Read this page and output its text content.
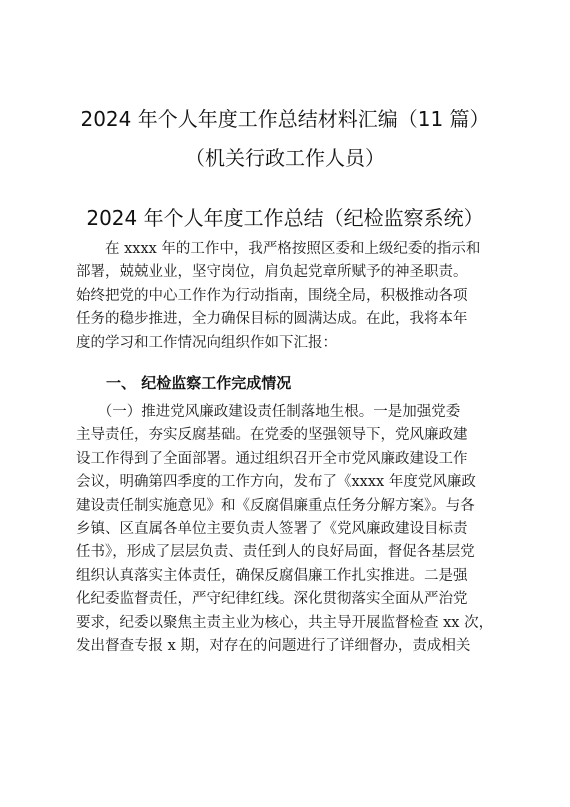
2024 年个人年度工作总结材料汇编（11 篇）
（机关行政工作人员）
2024 年个人年度工作总结（纪检监察系统）
　　在 xxxx 年的工作中，我严格按照区委和上级纪委的指示和
部署，兢兢业业，坚守岗位，肩负起党章所赋予的神圣职责。
始终把党的中心工作作为行动指南，围绕全局，积极推动各项
任务的稳步推进，全力确保目标的圆满达成。在此，我将本年
度的学习和工作情况向组织作如下汇报：
一、 纪检监察工作完成情况
　　（一）推进党风廉政建设责任制落地生根。一是加强党委
主导责任，夯实反腐基础。在党委的坚强领导下，党风廉政建
设工作得到了全面部署。通过组织召开全市党风廉政建设工作
会议，明确第四季度的工作方向，发布了《xxxx 年度党风廉政
建设责任制实施意见》和《反腐倡廉重点任务分解方案》。与各
乡镇、区直属各单位主要负责人签署了《党风廉政建设目标责
任书》，形成了层层负责、责任到人的良好局面，督促各基层党
组织认真落实主体责任，确保反腐倡廉工作扎实推进。二是强
化纪委监督责任，严守纪律红线。深化贯彻落实全面从严治党
要求，纪委以聚焦主责主业为核心，共主导开展监督检查 xx 次，
发出督查专报 x 期，对存在的问题进行了详细督办，责成相关
